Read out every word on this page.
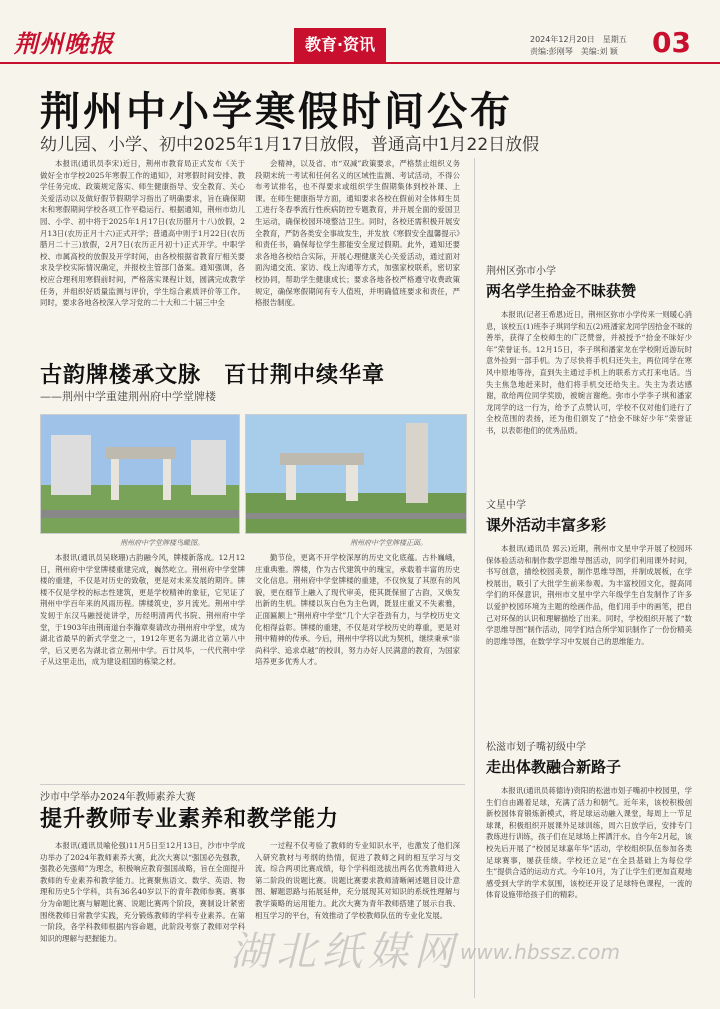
荆州晚报	教育·资讯	2024年12月20日　星期五
责编:彭刚琴　美编:刘 颖	03
荆州中小学寒假时间公布
幼儿园、小学、初中2025年1月17日放假，普通高中1月22日放假
本报讯(通讯员李宋)近日，荆州市教育局正式发布《关于做好全市学校2025年寒假工作的通知》，对寒假时间安排、教学任务完成、政策规定落实、师生健康指导、安全教育、关心关爱活动以及做好假节假期学习指出了明确要求，旨在确保期末和寒假期间学校各项工作平稳运行。根据通知，荆州市幼儿园、小学、初中将于2025年1月17日(农历腊月十八)放假，2月13日(农历正月十六)正式开学；普通高中则于1月22日(农历腊月二十三)放假，2月7日(农历正月初十)正式开学。中职学校、市属高校的放假及开学时间，由各校根据省教育厅相关要求及学校实际情况确定，并报校主管部门备案。通知强调，各校应合理利用寒假前时间，严格落实课程计划，圆满完成教学任务，并组织好质量监测与评价，学生综合素质评价等工作。同时，要求各地各校深入学习党的二十大和二十届三中全
会精神，以及省、市“双减”政策要求，严格禁止组织义务段期末统一考试和任何名义的区域性监测、考试活动，不得公布考试排名，也不得要求或组织学生假期集体到校补课、上课。在师生健康指导方面，通知要求各校在假前对全体师生员工进行冬春季流行性疾病防控专题教育，并开展全面的爱国卫生运动，确保校园环境整洁卫生。同时，各校还需积极开展安全教育，严防各类安全事故发生，并发放《寒假安全温馨提示》和责任书，确保每位学生都能安全度过假期。此外，通知还要求各地各校结合实际，开展心理健康关心关爱活动，通过面对面沟通交流、家访、线上沟通等方式，加强家校联系，密切家校协同，帮助学生健康成长；要求各地各校严格遵守收费政策规定，确保寒假期间有专人值班，并明确值班要求和责任，严格报告制度。
荆州区弥市小学
两名学生拾金不昧获赞
本报讯(记者王希恩)近日，荆州区弥市小学传来一则暖心消息，该校五(1)班李子琪同学和五(2)班潘家龙同学因拾金不昧的善举，获得了全校师生的广泛赞誉，并被授予“拾金不昧好少年”荣誉证书。12月15日，李子琪和潘家龙在学校附近游玩时意外捡到一部手机。为了尽快将手机归还失主，两位同学在寒风中原地等待，直到失主通过手机上的联系方式打来电话。当失主焦急地赶来时，他们将手机交还给失主。失主为表达感谢，欲给两位同学奖励，被婉言谢绝。弥市小学李子琪和潘家龙同学的这一行为，给予了点赞认可，学校不仅对他们进行了全校范围的表扬，还为他们颁发了“拾金不昧好少年”荣誉证书，以表彰他们的优秀品质。
文星中学
课外活动丰富多彩
本报讯(通讯员 郭云)近期，荆州市文星中学开展了校园环保体验活动和制作数学思维导图活动，同学们利用课外时间，书写创意，描绘校园美景，制作思维导图，并制成展板，在学校展出，吸引了大批学生前来参观。为丰富校园文化，提高同学们的环保意识，荆州市文星中学六年级学生自发制作了许多以爱护校园环境为主题的绘画作品，他们用手中的画笔，把自己对环保的认识和理解描绘了出来。同时，学校组织开展了“数学思维导图”制作活动，同学们结合所学知识制作了一份份精美的思维导图，在数学学习中发展自己的思维能力。
松滋市划子嘴初级中学
走出体教融合新路子
本报讯(通讯员蒋德诗)资阳的松滋市划子嘴初中校园里，学生们自由踢着足球，充满了活力和朝气。近年来，该校积极创新校园体育锻炼新模式，将足球运动融入课堂，每周上一节足球课，积极组织开展课外足球训练，周六日放学后，安排专门教练进行训练，孩子们在足球场上挥洒汗水。自今年2月起，该校先后开展了“校园足球嘉年华”活动，学校组织队伍参加各类足球赛事，屡获佳绩。学校还立足“在全县基础上为每位学生”提供合适的运动方式。今年10月，为了让学生们更加直观地感受到大学的学术氛围，该校还开设了足球特色课程，一流的体育设施带给孩子们的精彩。
古韵牌楼承文脉　百廿荆中续华章
——荆州中学重建荆州府中学堂牌楼
荆州府中学堂牌楼鸟瞰图。	荆州府中学堂牌楼正面。
本报讯(通讯员吴晓珊)古韵融今风，牌楼新落成。12月12日，荆州府中学堂牌楼重建完成，巍然屹立。荆州府中学堂牌楼的重建，不仅是对历史的致敬，更是对未来发展的期许。牌楼不仅是学校的标志性建筑，更是学校精神的象征，它见证了荆州中学百年来的风雨历程。牌楼筑史，岁月流光。荆州中学发轫于东汉马融授徒讲学，历经明清两代书院、荆州府中学堂，于1903年由荆南道台李瀚章奏请改办荆州府中学堂，成为湖北省最早的新式学堂之一，1912年更名为湖北省立第八中学，后又更名为湖北省立荆州中学。百廿风华，一代代荆中学子从这里走出，成为建设祖国的栋梁之材。
勤节俭，更离不开学校深厚的历史文化底蕴。古朴巍峨，庄重典雅。牌楼，作为古代建筑中的瑰宝，承载着丰富的历史文化信息。荆州府中学堂牌楼的重建，不仅恢复了其原有的风貌，更在细节上融入了现代审美，使其既保留了古韵，又焕发出新的生机。牌楼以灰白色为主色调，既显庄重又不失素雅，正面匾额上“荆州府中学堂”几个大字苍劲有力，与学校历史文化相得益彰。牌楼的重建，不仅是对学校历史的尊重，更是对荆中精神的传承。今后，荆州中学将以此为契机，继续秉承“崇尚科学、追求卓越”的校训，努力办好人民满意的教育，为国家培养更多优秀人才。
沙市中学举办2024年教师素养大赛
提升教师专业素养和教学能力
本报讯(通讯员喻伦强)11月5日至12月13日，沙市中学成功举办了2024年教师素养大赛，此次大赛以“强国必先强教，强教必先强师”为理念，积极响应教育强国战略，旨在全面提升教师的专业素养和教学能力。比赛聚焦语文、数学、英语、物理和历史5个学科，共有36名40岁以下的青年教师参赛。赛事分为命题比赛与解题比赛、说题比赛两个阶段，赛制设计紧密围绕教师日常教学实践，充分锻炼教师的学科专业素养。在第一阶段，各学科教师根据内容命题，此阶段考察了教师对学科知识的理解与把握能力。
一过程不仅考验了教师的专业知识水平，也激发了他们深入研究教材与考纲的热情，促进了教师之间的相互学习与交流。综合两项比赛成绩，每个学科组选拔出两名优秀教师进入第二阶段的说题比赛。说题比赛要求教师清晰阐述题目设计意图、解题思路与拓展延伸，充分展现其对知识的系统性理解与教学策略的运用能力。此次大赛为青年教师搭建了展示自我、相互学习的平台，有效推动了学校教师队伍的专业化发展。
湖北纸媒网 www.hbssz.com
